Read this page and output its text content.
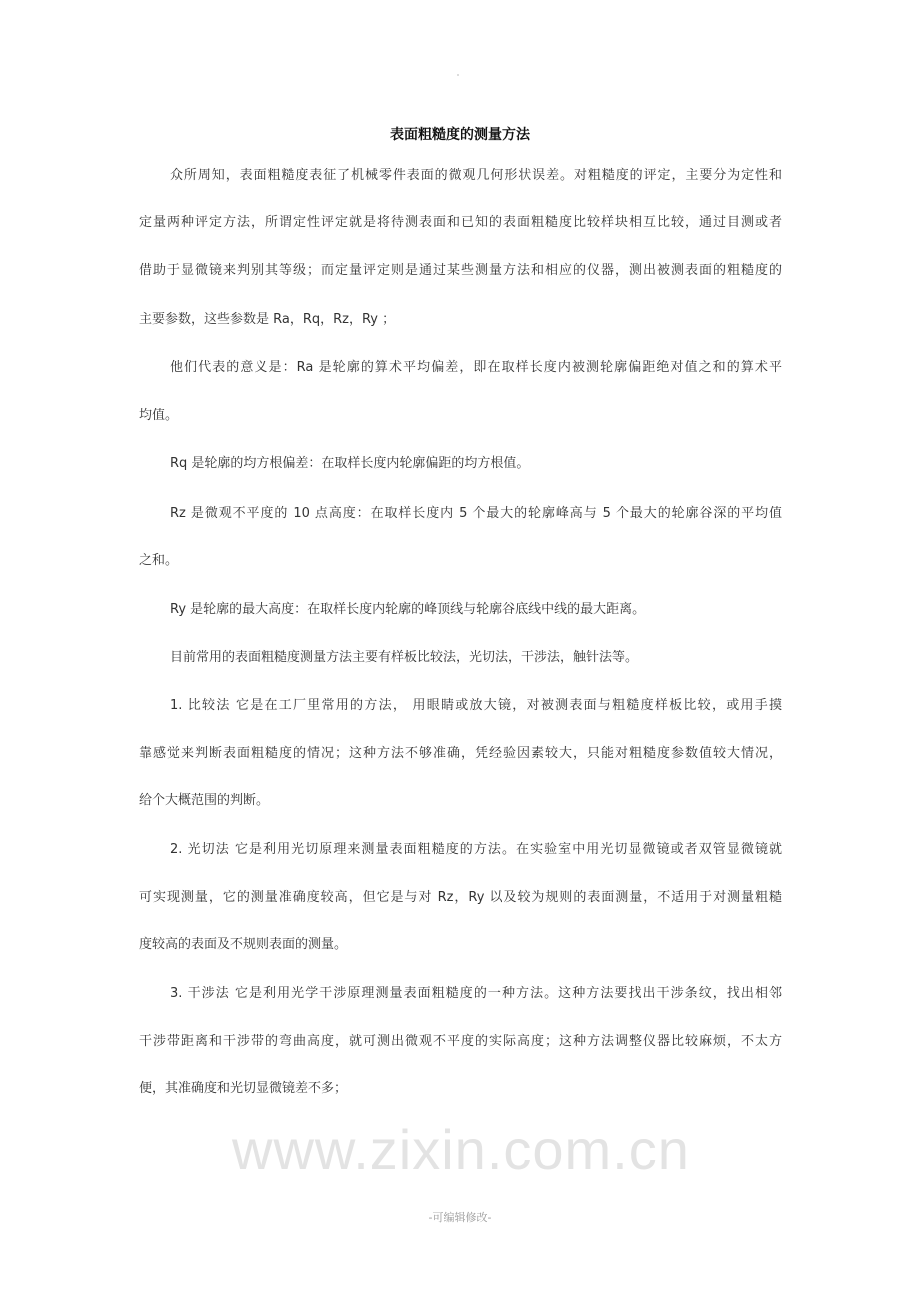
表面粗糙度的测量方法
www.zixin.com.cn
众所周知，表面粗糙度表征了机械零件表面的微观几何形状误差。对粗糙度的评定，主要分为定性和
定量两种评定方法，所谓定性评定就是将待测表面和已知的表面粗糙度比较样块相互比较，通过目测或者
借助于显微镜来判别其等级；而定量评定则是通过某些测量方法和相应的仪器，测出被测表面的粗糙度的
主要参数，这些参数是 Ra，Rq，Rz，Ry ；
他们代表的意义是：Ra 是轮廓的算术平均偏差，即在取样长度内被测轮廓偏距绝对值之和的算术平
均值。
Rq 是轮廓的均方根偏差：在取样长度内轮廓偏距的均方根值。
Rz 是微观不平度的 10 点高度：在取样长度内 5 个最大的轮廓峰高与 5 个最大的轮廓谷深的平均值
之和。
Ry 是轮廓的最大高度：在取样长度内轮廓的峰顶线与轮廓谷底线中线的最大距离。
目前常用的表面粗糙度测量方法主要有样板比较法，光切法，干涉法，触针法等。
1. 比较法 它是在工厂里常用的方法， 用眼睛或放大镜，对被测表面与粗糙度样板比较，或用手摸
靠感觉来判断表面粗糙度的情况；这种方法不够准确，凭经验因素较大，只能对粗糙度参数值较大情况，
给个大概范围的判断。
2. 光切法 它是利用光切原理来测量表面粗糙度的方法。在实验室中用光切显微镜或者双管显微镜就
可实现测量，它的测量准确度较高，但它是与对 Rz，Ry 以及较为规则的表面测量，不适用于对测量粗糙
度较高的表面及不规则表面的测量。
3. 干涉法 它是利用光学干涉原理测量表面粗糙度的一种方法。这种方法要找出干涉条纹，找出相邻
干涉带距离和干涉带的弯曲高度，就可测出微观不平度的实际高度；这种方法调整仪器比较麻烦，不太方
便，其准确度和光切显微镜差不多；
-可编辑修改-
